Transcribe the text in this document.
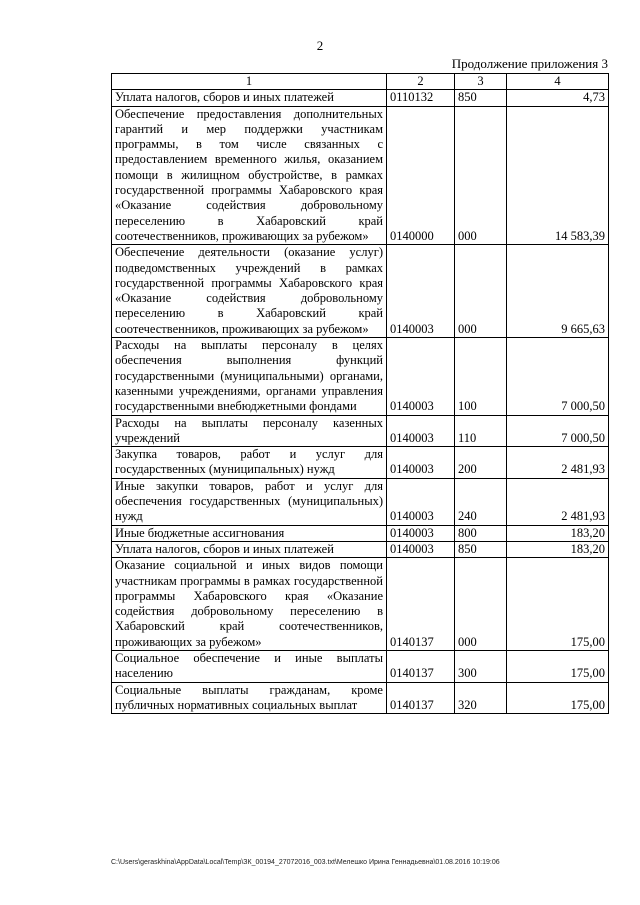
2
Продолжение приложения 3
1	2	3	4
Уплата налогов, сборов и иных платежей	0110132	850	4,73
Обеспечение предоставления дополнительных гарантий и мер поддержки участникам программы, в том числе связанных с предоставлением временного жилья, оказанием помощи в жилищном обустройстве, в рамках государственной программы Хабаровского края «Оказание содействия добровольному переселению в Хабаровский край соотечественников, проживающих за рубежом»	0140000	000	14 583,39
Обеспечение деятельности (оказание услуг) подведомственных учреждений в рамках государственной программы Хабаровского края «Оказание содействия добровольному переселению в Хабаровский край соотечественников, проживающих за рубежом»	0140003	000	9 665,63
Расходы на выплаты персоналу в целях обеспечения выполнения функций государственными (муниципальными) органами, казенными учреждениями, органами управления государственными внебюджетными фондами	0140003	100	7 000,50
Расходы на выплаты персоналу казенных учреждений	0140003	110	7 000,50
Закупка товаров, работ и услуг для государственных (муниципальных) нужд	0140003	200	2 481,93
Иные закупки товаров, работ и услуг для обеспечения государственных (муниципальных) нужд	0140003	240	2 481,93
Иные бюджетные ассигнования	0140003	800	183,20
Уплата налогов, сборов и иных платежей	0140003	850	183,20
Оказание социальной и иных видов помощи участникам программы в рамках государственной программы Хабаровского края «Оказание содействия добровольному переселению в Хабаровский край соотечественников, проживающих за рубежом»	0140137	000	175,00
Социальное обеспечение и иные выплаты населению	0140137	300	175,00
Социальные выплаты гражданам, кроме публичных нормативных социальных выплат	0140137	320	175,00
C:\Users\geraskhina\AppData\Local\Temp\ЗК_00194_27072016_003.txt\Мелешко Ирина Геннадьевна\01.08.2016 10:19:06
